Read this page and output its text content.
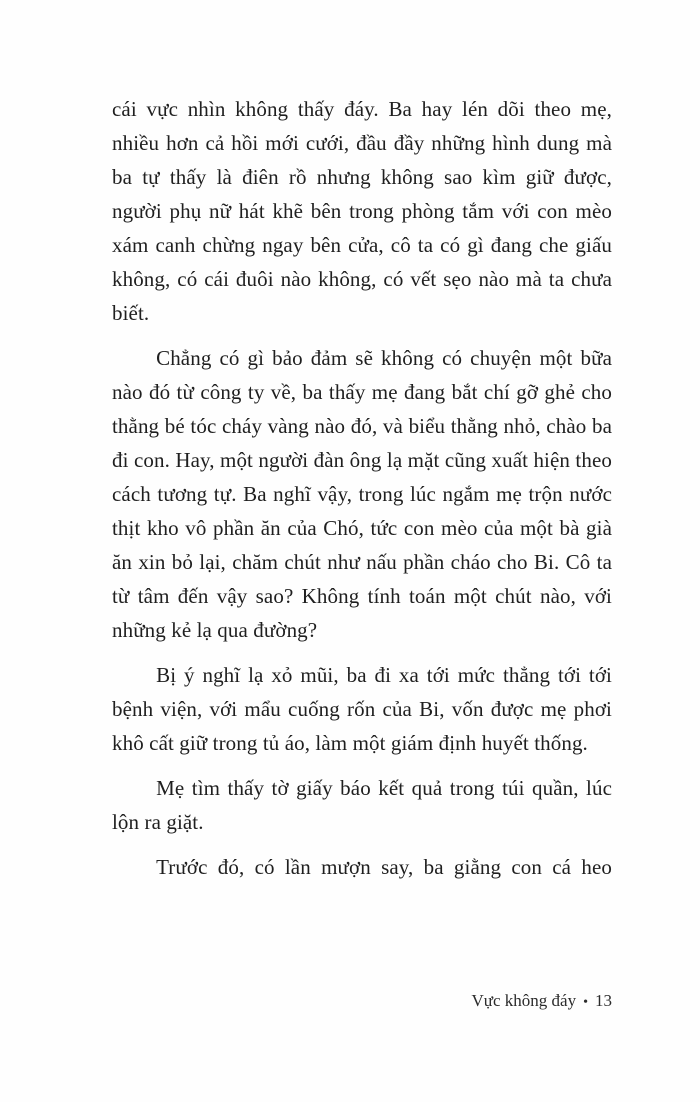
cái vực nhìn không thấy đáy. Ba hay lén dõi theo mẹ, nhiều hơn cả hồi mới cưới, đầu đầy những hình dung mà ba tự thấy là điên rồ nhưng không sao kìm giữ được, người phụ nữ hát khẽ bên trong phòng tắm với con mèo xám canh chừng ngay bên cửa, cô ta có gì đang che giấu không, có cái đuôi nào không, có vết sẹo nào mà ta chưa biết.

Chẳng có gì bảo đảm sẽ không có chuyện một bữa nào đó từ công ty về, ba thấy mẹ đang bắt chí gỡ ghẻ cho thằng bé tóc cháy vàng nào đó, và biểu thằng nhỏ, chào ba đi con. Hay, một người đàn ông lạ mặt cũng xuất hiện theo cách tương tự. Ba nghĩ vậy, trong lúc ngắm mẹ trộn nước thịt kho vô phần ăn của Chó, tức con mèo của một bà già ăn xin bỏ lại, chăm chút như nấu phần cháo cho Bi. Cô ta từ tâm đến vậy sao? Không tính toán một chút nào, với những kẻ lạ qua đường?

Bị ý nghĩ lạ xỏ mũi, ba đi xa tới mức thẳng tới tới bệnh viện, với mẩu cuống rốn của Bi, vốn được mẹ phơi khô cất giữ trong tủ áo, làm một giám định huyết thống.

Mẹ tìm thấy tờ giấy báo kết quả trong túi quần, lúc lộn ra giặt.

Trước đó, có lần mượn say, ba giằng con cá heo

Vực không đáy • 13
